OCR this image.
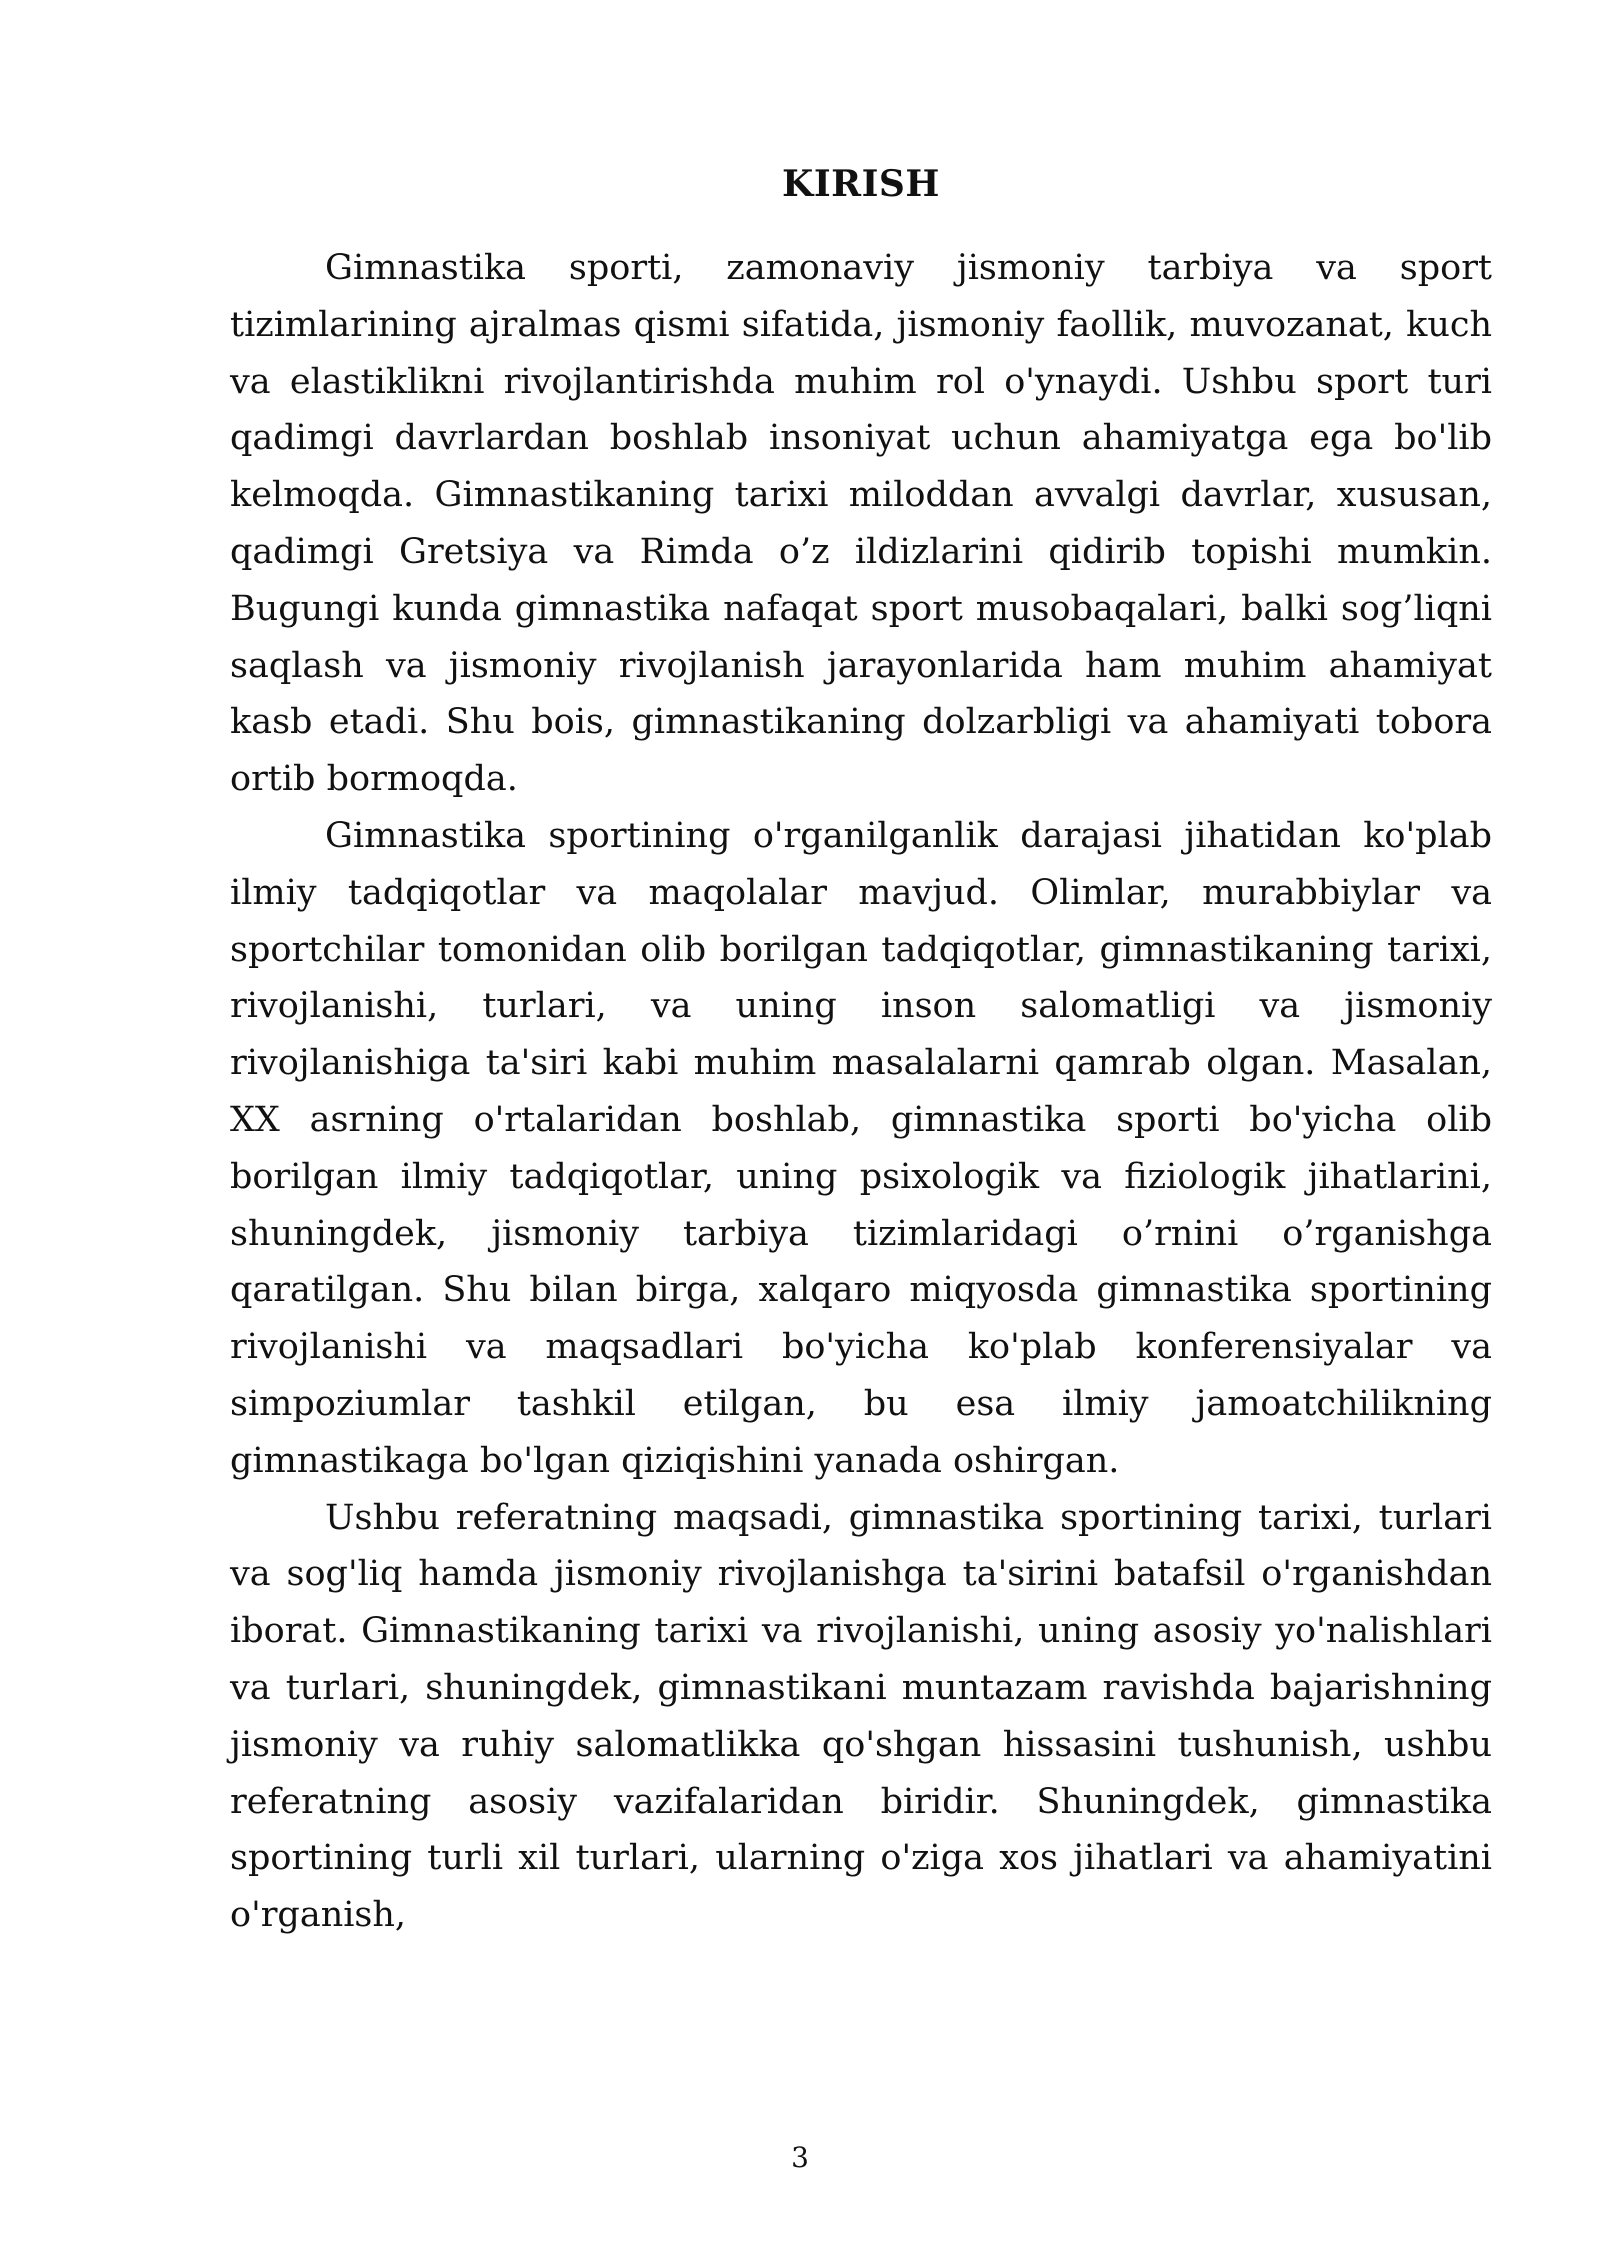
KIRISH

Gimnastika sporti, zamonaviy jismoniy tarbiya va sport tizimlarining ajralmas qismi sifatida, jismoniy faollik, muvozanat, kuch va elastiklikni rivojlantirishda muhim rol o'ynaydi. Ushbu sport turi qadimgi davrlardan boshlab insoniyat uchun ahamiyatga ega bo'lib kelmoqda. Gimnastikaning tarixi miloddan avvalgi davrlar, xususan, qadimgi Gretsiya va Rimda o’z ildizlarini qidirib topishi mumkin. Bugungi kunda gimnastika nafaqat sport musobaqalari, balki sog’liqni saqlash va jismoniy rivojlanish jarayonlarida ham muhim ahamiyat kasb etadi. Shu bois, gimnastikaning dolzarbligi va ahamiyati tobora ortib bormoqda.

Gimnastika sportining o'rganilganlik darajasi jihatidan ko'plab ilmiy tadqiqotlar va maqolalar mavjud. Olimlar, murabbiylar va sportchilar tomonidan olib borilgan tadqiqotlar, gimnastikaning tarixi, rivojlanishi, turlari, va uning inson salomatligi va jismoniy rivojlanishiga ta'siri kabi muhim masalalarni qamrab olgan. Masalan, XX asrning o'rtalaridan boshlab, gimnastika sporti bo'yicha olib borilgan ilmiy tadqiqotlar, uning psixologik va fiziologik jihatlarini, shuningdek, jismoniy tarbiya tizimlaridagi o’rnini o’rganishga qaratilgan. Shu bilan birga, xalqaro miqyosda gimnastika sportining rivojlanishi va maqsadlari bo'yicha ko'plab konferensiyalar va simpoziumlar tashkil etilgan, bu esa ilmiy jamoatchilikning gimnastikaga bo'lgan qiziqishini yanada oshirgan.

Ushbu referatning maqsadi, gimnastika sportining tarixi, turlari va sog'liq hamda jismoniy rivojlanishga ta'sirini batafsil o'rganishdan iborat. Gimnastikaning tarixi va rivojlanishi, uning asosiy yo'nalishlari va turlari, shuningdek, gimnastikani muntazam ravishda bajarishning jismoniy va ruhiy salomatlikka qo'shgan hissasini tushunish, ushbu referatning asosiy vazifalaridan biridir. Shuningdek, gimnastika sportining turli xil turlari, ularning o'ziga xos jihatlari va ahamiyatini o'rganish,

3
